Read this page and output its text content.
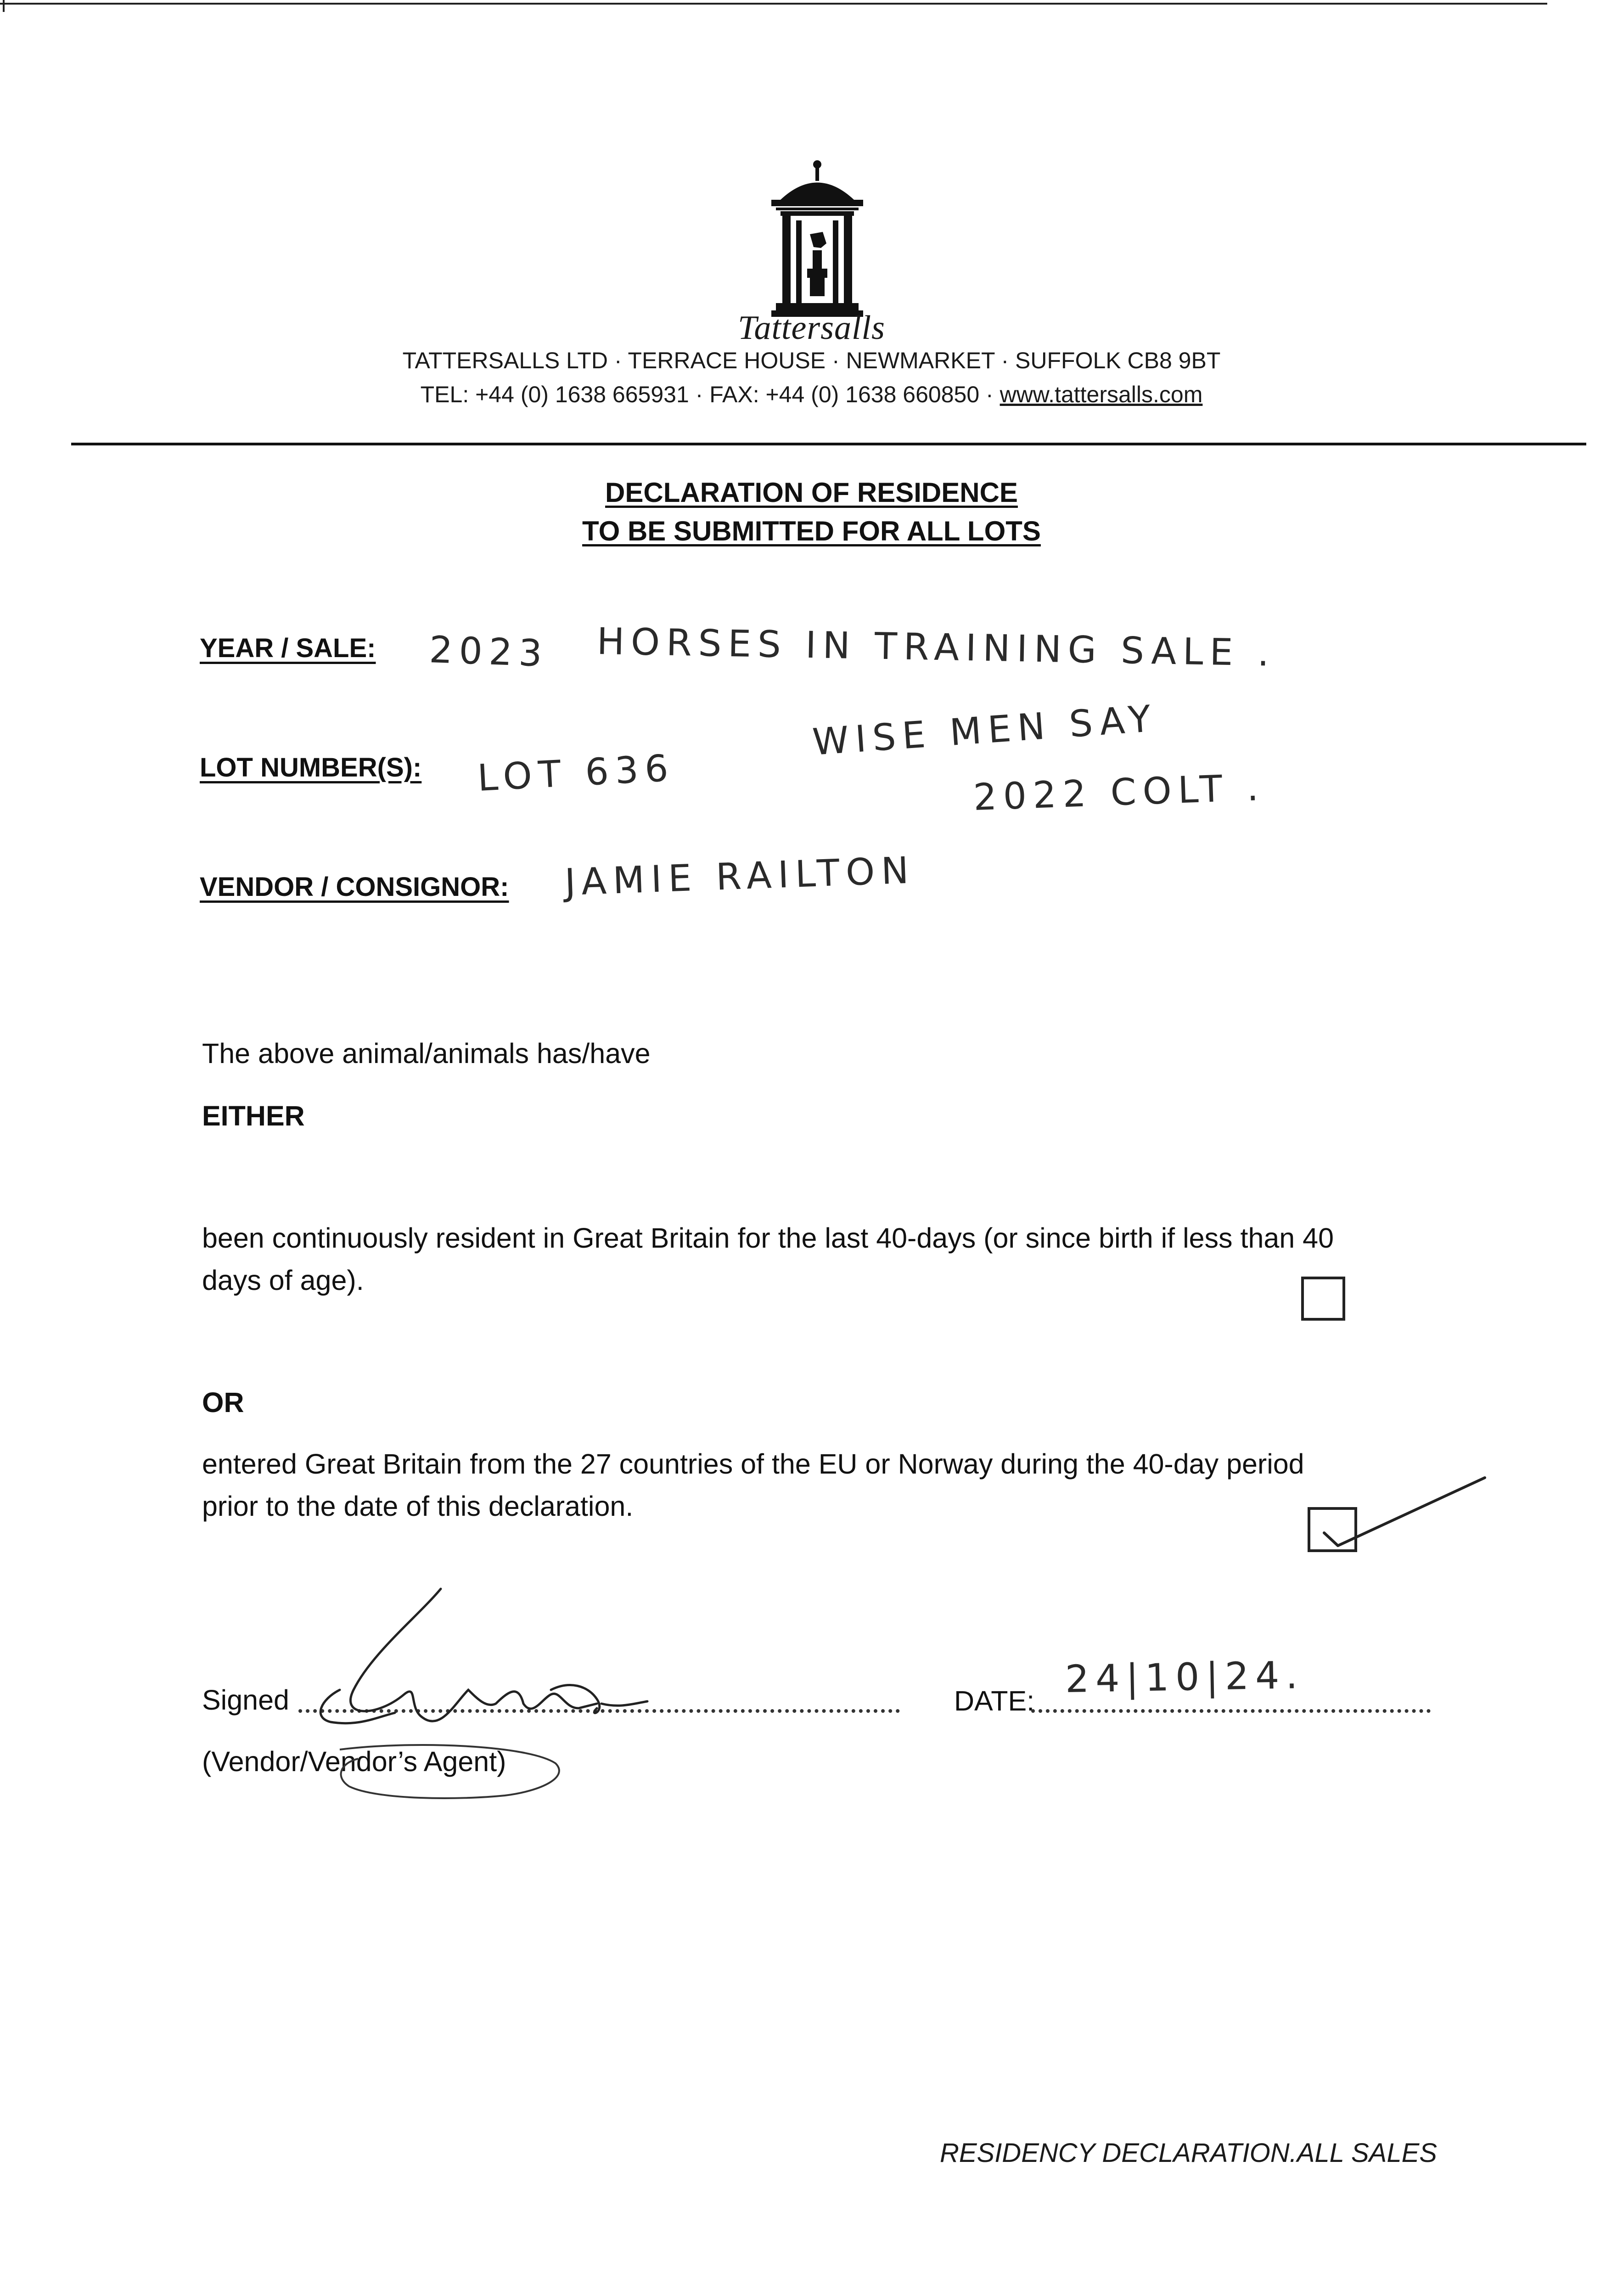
Tattersalls
TATTERSALLS LTD · TERRACE HOUSE · NEWMARKET · SUFFOLK CB8 9BT
TEL: +44 (0) 1638 665931 · FAX: +44 (0) 1638 660850 · www.tattersalls.com
DECLARATION OF RESIDENCE
TO BE SUBMITTED FOR ALL LOTS
YEAR / SALE: 2023 HORSES IN TRAINING SALE .
LOT NUMBER(S): LOT 636
WISE MEN SAY
2022 COLT .
VENDOR / CONSIGNOR: JAMIE RAILTON
The above animal/animals has/have
EITHER
been continuously resident in Great Britain for the last 40-days (or since birth if less than 40
days of age).
OR
entered Great Britain from the 27 countries of the EU or Norway during the 40-day period
prior to the date of this declaration.
Signed
(Vendor/Vendor’s Agent)
DATE: 24|10|24.
RESIDENCY DECLARATION.ALL SALES
